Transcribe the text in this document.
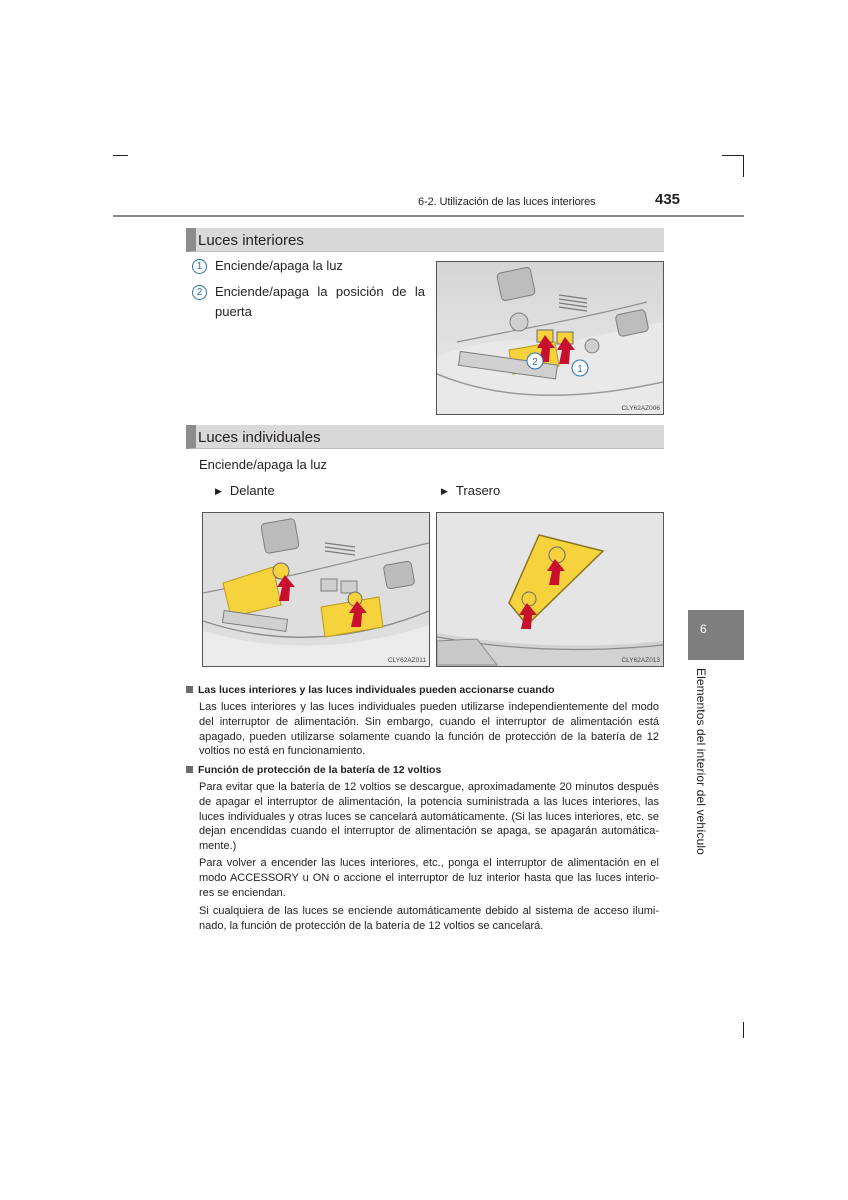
6-2. Utilización de las luces interiores	435
Luces interiores
1 Enciende/apaga la luz
2 Enciende/apaga la posición de la puerta
2
1
CLY62AZ006
Luces individuales
Enciende/apaga la luz
▶ Delante	▶ Trasero
CLY62AZ011	CLY62AZ013
Las luces interiores y las luces individuales pueden accionarse cuando
Las luces interiores y las luces individuales pueden utilizarse independientemente del modo del interruptor de alimentación. Sin embargo, cuando el interruptor de alimentación está apagado, pueden utilizarse solamente cuando la función de protección de la batería de 12 voltios no está en funcionamiento.
Función de protección de la batería de 12 voltios
Para evitar que la batería de 12 voltios se descargue, aproximadamente 20 minutos después de apagar el interruptor de alimentación, la potencia suministrada a las luces interiores, las luces individuales y otras luces se cancelará automáticamente. (Si las luces interiores, etc. se dejan encendidas cuando el interruptor de alimentación se apaga, se apagarán automática-mente.)
Para volver a encender las luces interiores, etc., ponga el interruptor de alimentación en el modo ACCESSORY u ON o accione el interruptor de luz interior hasta que las luces interio-res se enciendan.
Si cualquiera de las luces se enciende automáticamente debido al sistema de acceso ilumi-nado, la función de protección de la batería de 12 voltios se cancelará.
6
Elementos del interior del vehículo
